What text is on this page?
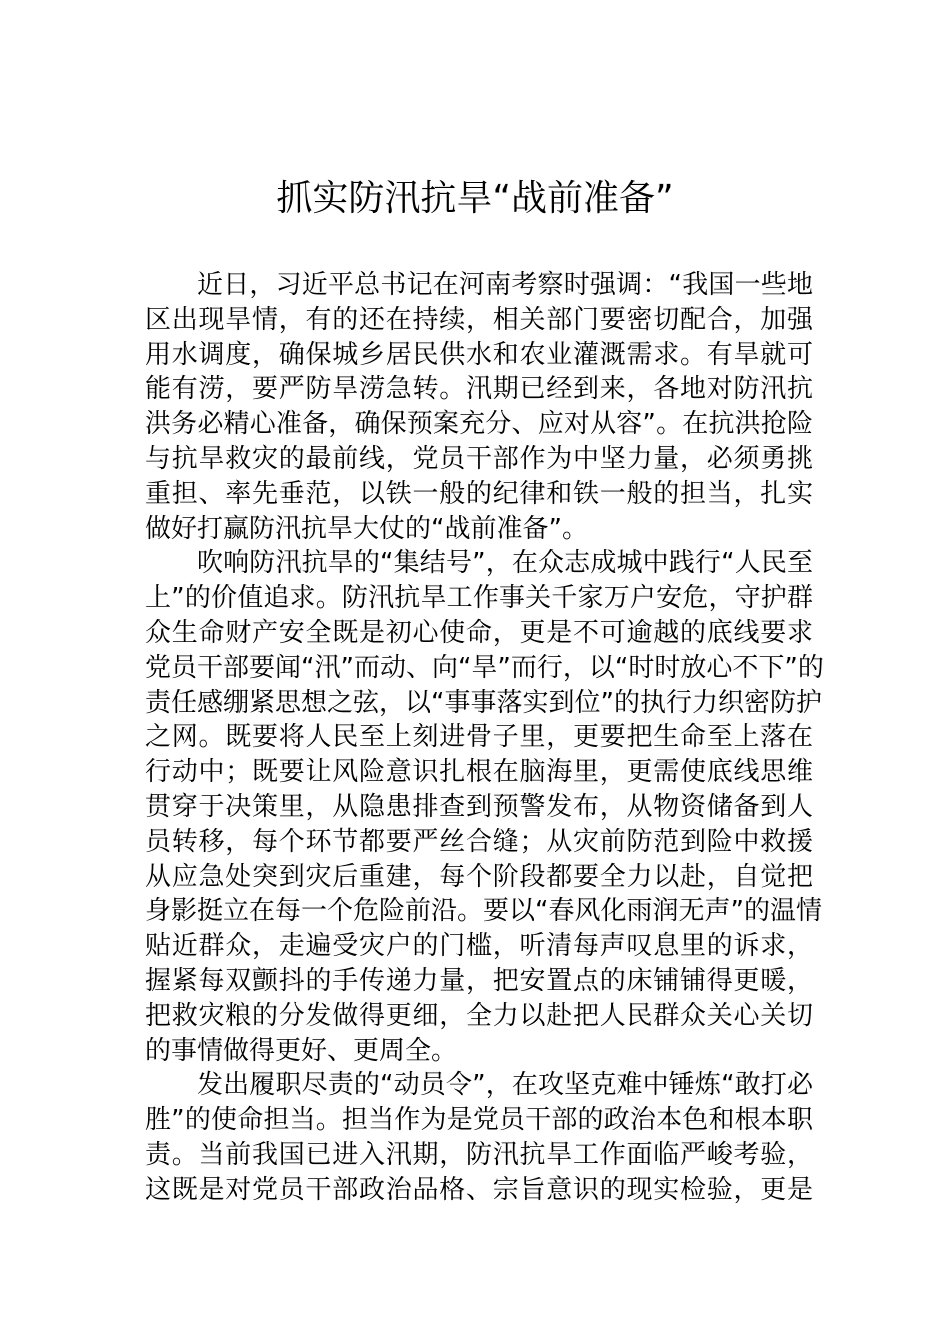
抓实防汛抗旱“战前准备”
近日，习近平总书记在河南考察时强调：“我国一些地
区出现旱情，有的还在持续，相关部门要密切配合，加强
用水调度，确保城乡居民供水和农业灌溉需求。有旱就可
能有涝，要严防旱涝急转。汛期已经到来，各地对防汛抗
洪务必精心准备，确保预案充分、应对从容”。在抗洪抢险
与抗旱救灾的最前线，党员干部作为中坚力量，必须勇挑
重担、率先垂范，以铁一般的纪律和铁一般的担当，扎实
做好打赢防汛抗旱大仗的“战前准备”。
吹响防汛抗旱的“集结号”，在众志成城中践行“人民至
上”的价值追求。防汛抗旱工作事关千家万户安危，守护群
众生命财产安全既是初心使命，更是不可逾越的底线要求
党员干部要闻“汛”而动、向“旱”而行，以“时时放心不下”的
责任感绷紧思想之弦，以“事事落实到位”的执行力织密防护
之网。既要将人民至上刻进骨子里，更要把生命至上落在
行动中；既要让风险意识扎根在脑海里，更需使底线思维
贯穿于决策里，从隐患排查到预警发布，从物资储备到人
员转移，每个环节都要严丝合缝；从灾前防范到险中救援
从应急处突到灾后重建，每个阶段都要全力以赴，自觉把
身影挺立在每一个危险前沿。要以“春风化雨润无声”的温情
贴近群众，走遍受灾户的门槛，听清每声叹息里的诉求，
握紧每双颤抖的手传递力量，把安置点的床铺铺得更暖，
把救灾粮的分发做得更细，全力以赴把人民群众关心关切
的事情做得更好、更周全。
发出履职尽责的“动员令”，在攻坚克难中锤炼“敢打必
胜”的使命担当。担当作为是党员干部的政治本色和根本职
责。当前我国已进入汛期，防汛抗旱工作面临严峻考验，
这既是对党员干部政治品格、宗旨意识的现实检验，更是
